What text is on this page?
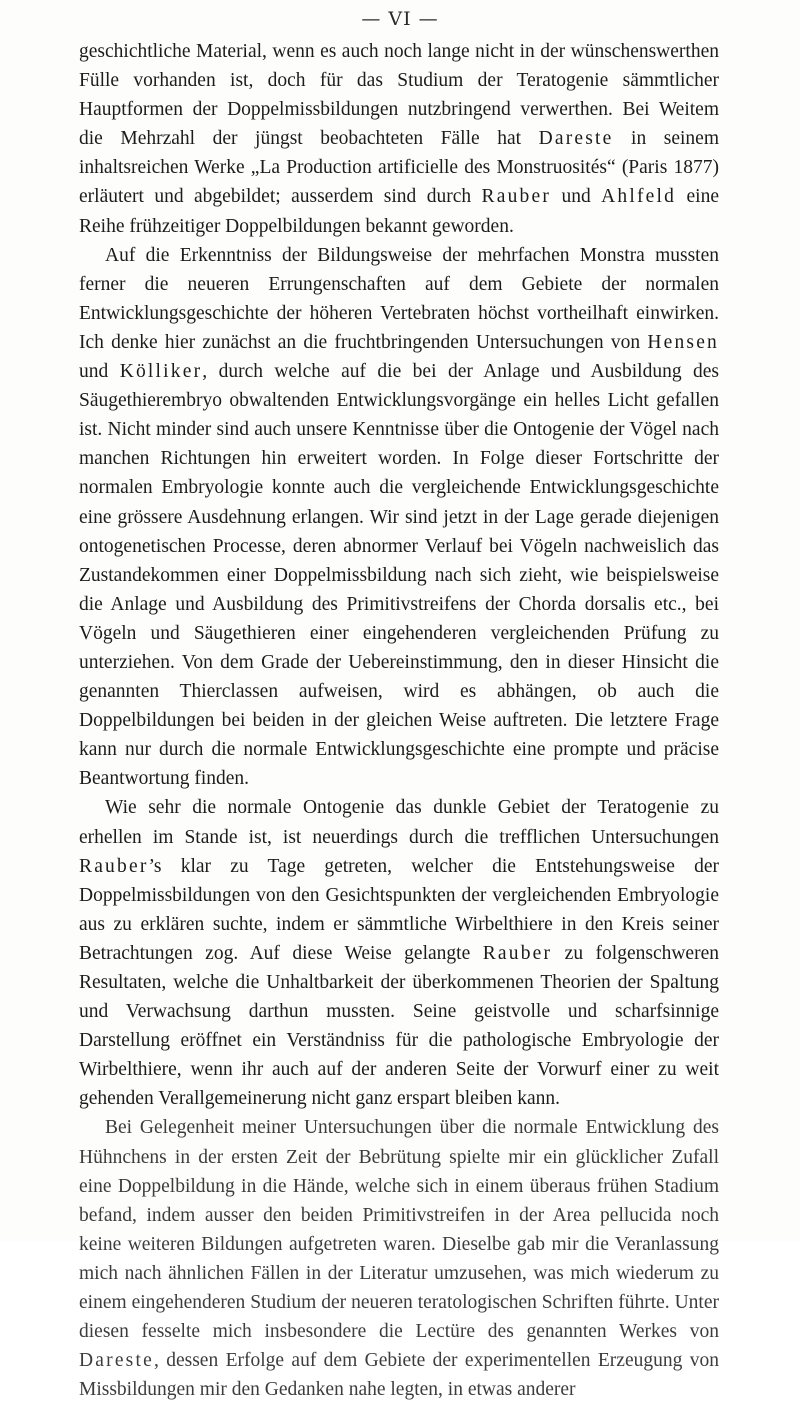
— VI —

geschichtliche Material, wenn es auch noch lange nicht in der wünschenswerthen Fülle vorhanden ist, doch für das Studium der Teratogenie sämmtlicher Hauptformen der Doppelmissbildungen nutzbringend verwerthen. Bei Weitem die Mehrzahl der jüngst beobachteten Fälle hat Dareste in seinem inhaltsreichen Werke „La Production artificielle des Monstruosités“ (Paris 1877) erläutert und abgebildet; ausserdem sind durch Rauber und Ahlfeld eine Reihe frühzeitiger Doppelbildungen bekannt geworden.

Auf die Erkenntniss der Bildungsweise der mehrfachen Monstra mussten ferner die neueren Errungenschaften auf dem Gebiete der normalen Entwicklungsgeschichte der höheren Vertebraten höchst vortheilhaft einwirken. Ich denke hier zunächst an die fruchtbringenden Untersuchungen von Hensen und Kölliker, durch welche auf die bei der Anlage und Ausbildung des Säugethierembryo obwaltenden Entwicklungsvorgänge ein helles Licht gefallen ist. Nicht minder sind auch unsere Kenntnisse über die Ontogenie der Vögel nach manchen Richtungen hin erweitert worden. In Folge dieser Fortschritte der normalen Embryologie konnte auch die vergleichende Entwicklungsgeschichte eine grössere Ausdehnung erlangen. Wir sind jetzt in der Lage gerade diejenigen ontogenetischen Processe, deren abnormer Verlauf bei Vögeln nachweislich das Zustandekommen einer Doppelmissbildung nach sich zieht, wie beispielsweise die Anlage und Ausbildung des Primitivstreifens der Chorda dorsalis etc., bei Vögeln und Säugethieren einer eingehenderen vergleichenden Prüfung zu unterziehen. Von dem Grade der Uebereinstimmung, den in dieser Hinsicht die genannten Thierclassen aufweisen, wird es abhängen, ob auch die Doppelbildungen bei beiden in der gleichen Weise auftreten. Die letztere Frage kann nur durch die normale Entwicklungsgeschichte eine prompte und präcise Beantwortung finden.

Wie sehr die normale Ontogenie das dunkle Gebiet der Teratogenie zu erhellen im Stande ist, ist neuerdings durch die trefflichen Untersuchungen Rauber’s klar zu Tage getreten, welcher die Entstehungsweise der Doppelmissbildungen von den Gesichtspunkten der vergleichenden Embryologie aus zu erklären suchte, indem er sämmtliche Wirbelthiere in den Kreis seiner Betrachtungen zog. Auf diese Weise gelangte Rauber zu folgenschweren Resultaten, welche die Unhaltbarkeit der überkommenen Theorien der Spaltung und Verwachsung darthun mussten. Seine geistvolle und scharfsinnige Darstellung eröffnet ein Verständniss für die pathologische Embryologie der Wirbelthiere, wenn ihr auch auf der anderen Seite der Vorwurf einer zu weit gehenden Verallgemeinerung nicht ganz erspart bleiben kann.

Bei Gelegenheit meiner Untersuchungen über die normale Entwicklung des Hühnchens in der ersten Zeit der Bebrütung spielte mir ein glücklicher Zufall eine Doppelbildung in die Hände, welche sich in einem überaus frühen Stadium befand, indem ausser den beiden Primitivstreifen in der Area pellucida noch keine weiteren Bildungen aufgetreten waren. Dieselbe gab mir die Veranlassung mich nach ähnlichen Fällen in der Literatur umzusehen, was mich wiederum zu einem eingehenderen Studium der neueren teratologischen Schriften führte. Unter diesen fesselte mich insbesondere die Lectüre des genannten Werkes von Dareste, dessen Erfolge auf dem Gebiete der experimentellen Erzeugung von Missbildungen mir den Gedanken nahe legten, in etwas anderer
